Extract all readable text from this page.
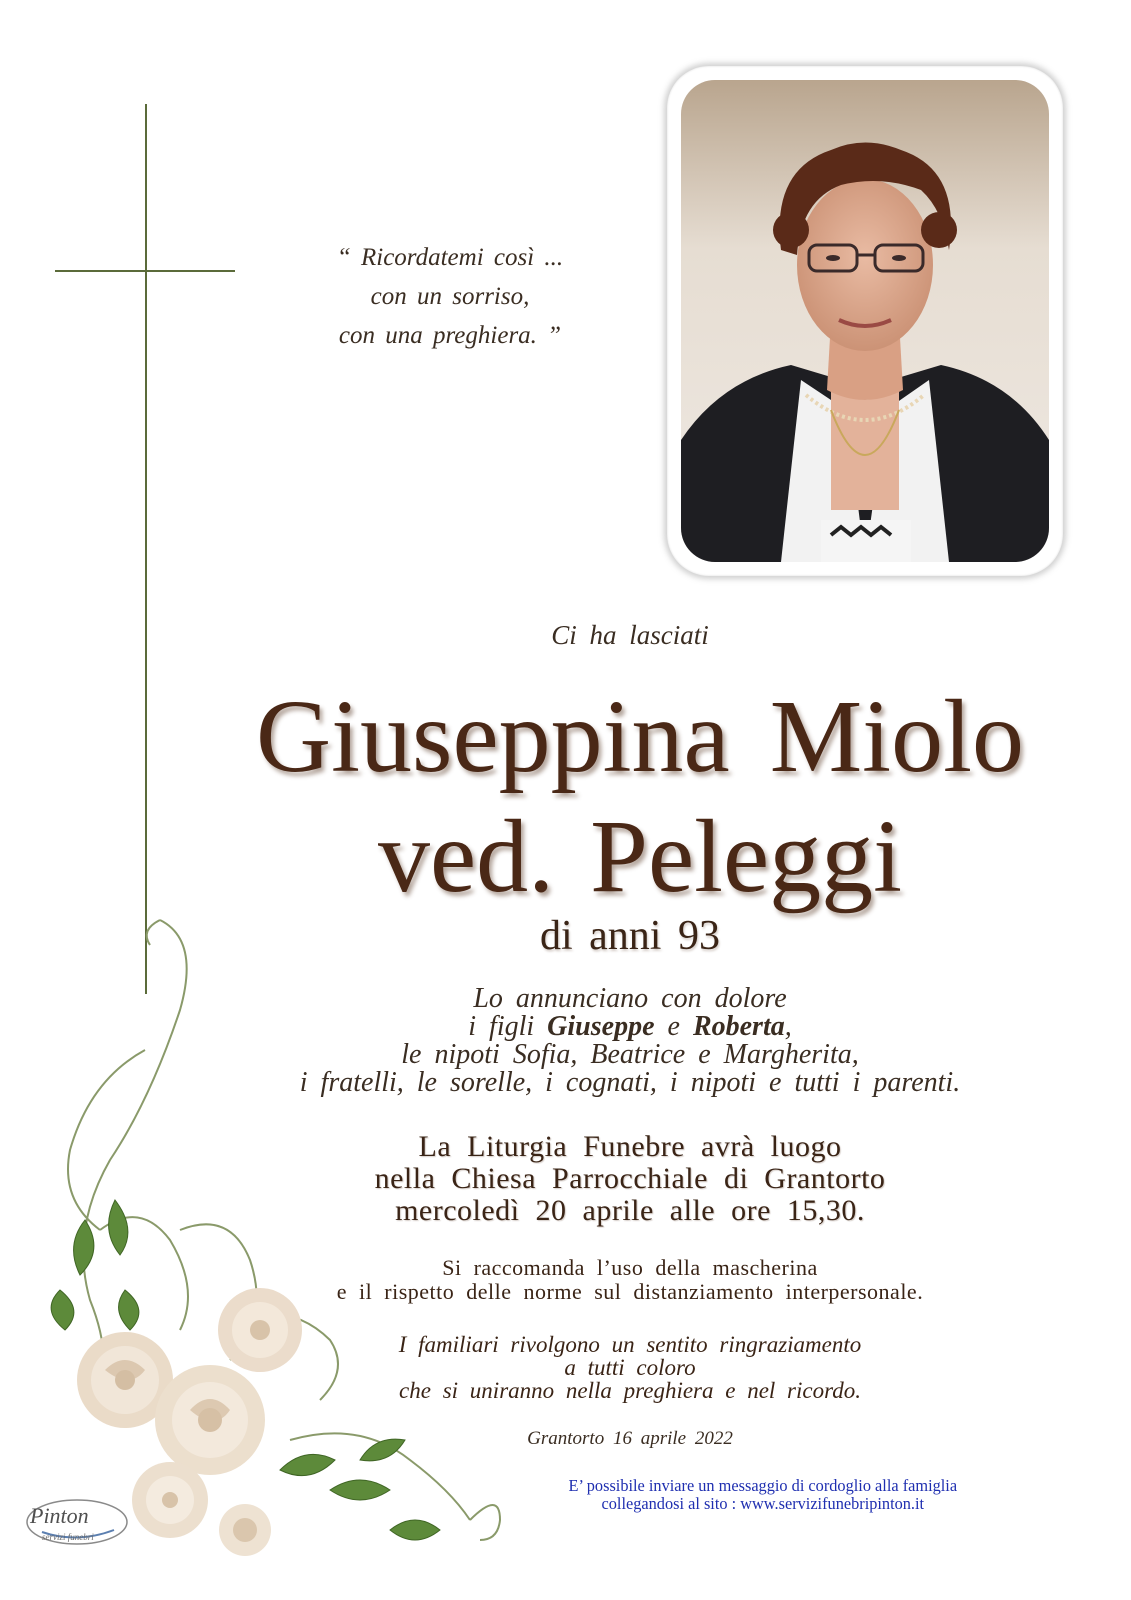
“ Ricordatemi così ...
con un sorriso,
con una preghiera. ”
Ci ha lasciati
Giuseppina Miolo
ved. Peleggi
di anni 93
Lo annunciano con dolore
i figli Giuseppe e Roberta,
le nipoti Sofia, Beatrice e Margherita,
i fratelli, le sorelle, i cognati, i nipoti e tutti i parenti.
La Liturgia Funebre avrà luogo
nella Chiesa Parrocchiale di Grantorto
mercoledì 20 aprile alle ore 15,30.
Si raccomanda l’uso della mascherina
e il rispetto delle norme sul distanziamento interpersonale.
I familiari rivolgono un sentito ringraziamento
a tutti coloro
che si uniranno nella preghiera e nel ricordo.
Grantorto 16 aprile 2022
E’ possibile inviare un messaggio di cordoglio alla famiglia
collegandosi al sito : www.servizifunebripinton.it
Pinton
servizi funebri
